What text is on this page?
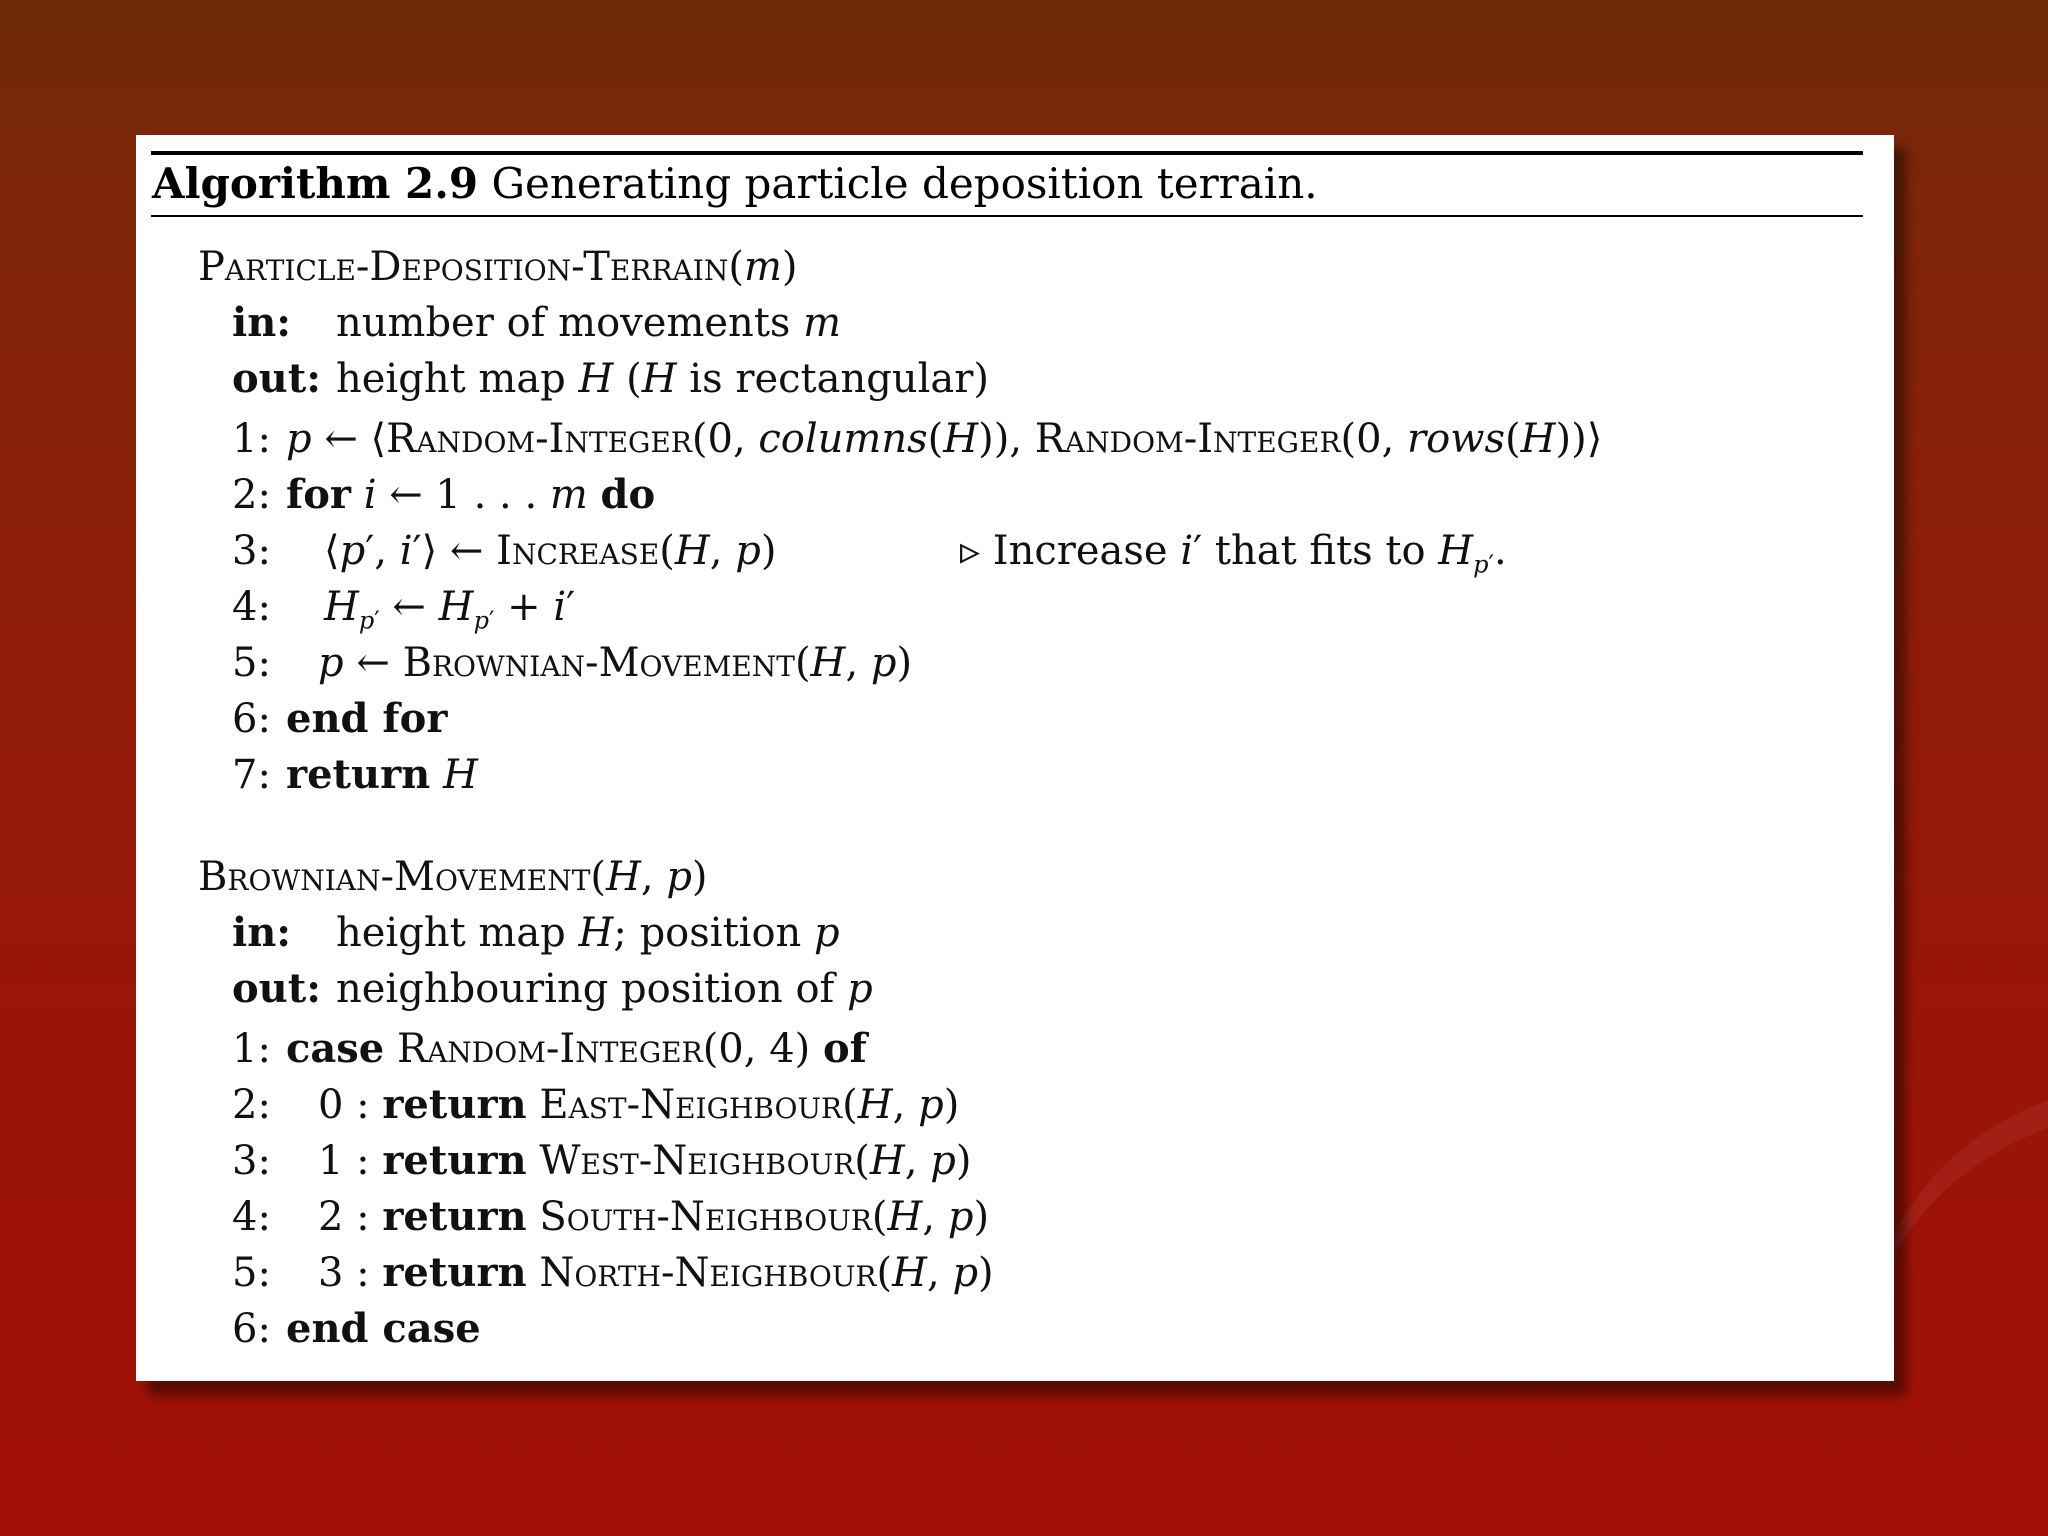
Algorithm 2.9 Generating particle deposition terrain.
Particle-Deposition-Terrain(m)
in: number of movements m
out: height map H (H is rectangular)
1: p ← ⟨Random-Integer(0, columns(H)), Random-Integer(0, rows(H))⟩
2: for i ← 1 . . . m do
3: ⟨p′, i′⟩ ← Increase(H, p)	▹ Increase i′ that fits to $H_{p'}$.
4: $H_{p'}$ ← $H_{p'} + i'$
5: p ← Brownian-Movement(H, p)
6: end for
7: return H
Brownian-Movement(H, p)
in: height map H; position p
out: neighbouring position of p
1: case Random-Integer(0, 4) of
2: 0 : return East-Neighbour(H, p)
3: 1 : return West-Neighbour(H, p)
4: 2 : return South-Neighbour(H, p)
5: 3 : return North-Neighbour(H, p)
6: end case
